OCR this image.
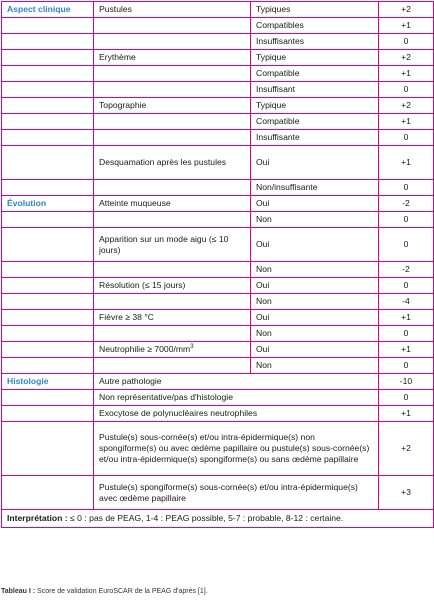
Aspect clinique	Pustules	Typiques	+2
		Compatibles	+1
		Insuffisantes	0
	Erythème	Typique	+2
		Compatible	+1
		Insuffisant	0
	Topographie	Typique	+2
		Compatible	+1
		Insuffisante	0
	Desquamation après les pustules	Oui	+1
		Non/insuffisante	0
Évolution	Atteinte muqueuse	Oui	-2
		Non	0
	Apparition sur un mode aigu (≤ 10 jours)	Oui	0
		Non	-2
	Résolution (≤ 15 jours)	Oui	0
		Non	-4
	Fièvre ≥ 38 °C	Oui	+1
		Non	0
	Neutrophilie ≥ $7000/mm^3$	Oui	+1
		Non	0
Histologie	Autre pathologie		-10
	Non représentative/pas d'histologie		0
	Exocytose de polynucléaires neutrophiles		+1
	Pustule(s) sous-cornée(s) et/ou intra-épidermique(s) non spongiforme(s) ou avec œdème papillaire ou pustule(s) sous-cornée(s) et/ou intra-épidermique(s) spongiforme(s) ou sans œdème papillaire		+2
	Pustule(s) spongiforme(s) sous-cornée(s) et/ou intra-épidermique(s) avec œdème papillaire		+3
Interprétation : ≤ 0 : pas de PEAG, 1-4 : PEAG possible, 5-7 : probable, 8-12 : certaine.			
Tableau I : Score de validation EuroSCAR de la PEAG d'après [1].
